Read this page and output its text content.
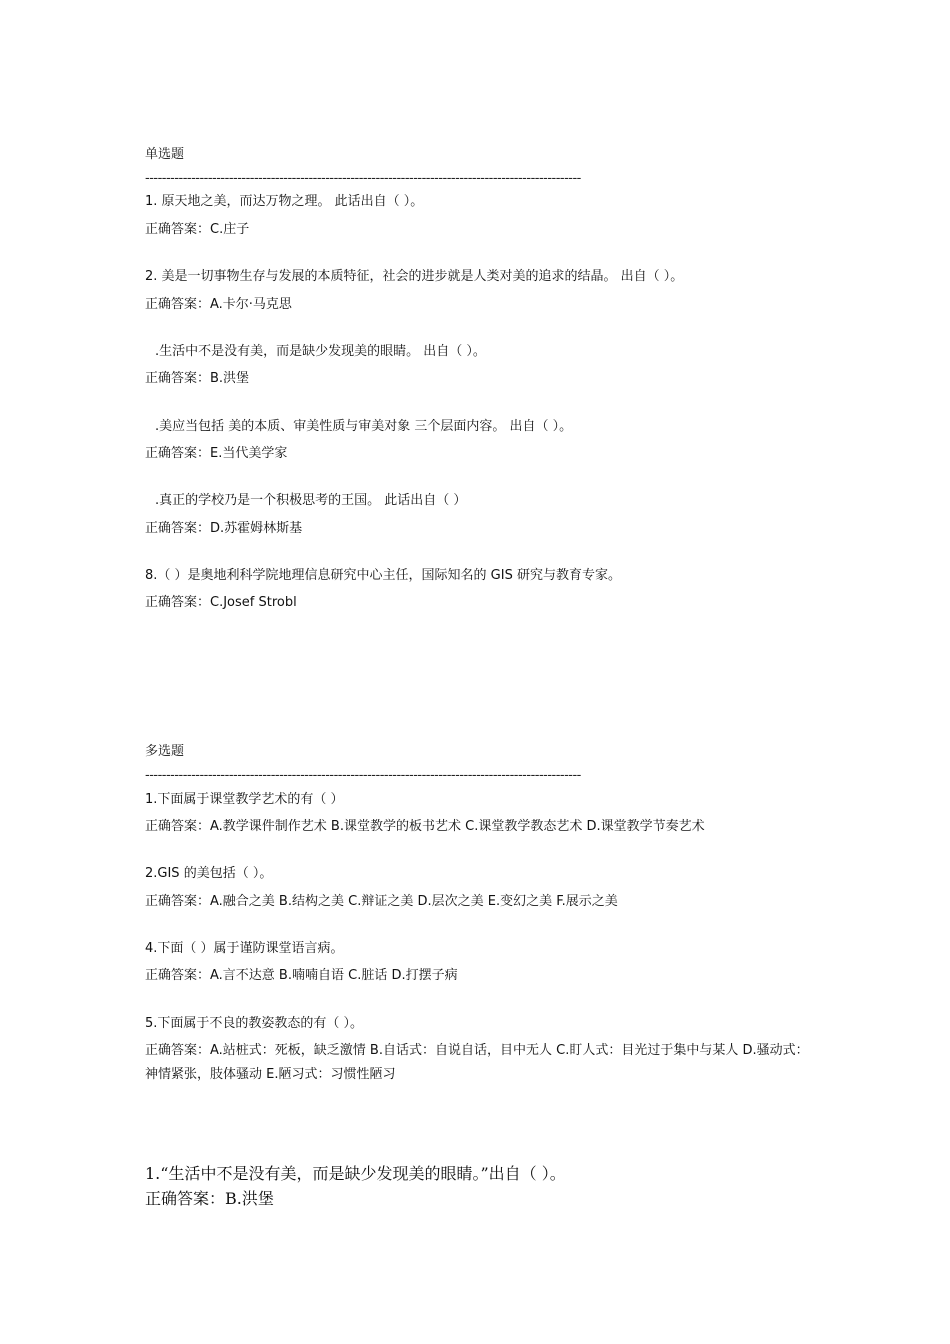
单选题
--------------------------------------------------------------------------------------------------------
1. 原天地之美，而达万物之理。 此话出自（ ）。
正确答案：C.庄子
2. 美是一切事物生存与发展的本质特征，社会的进步就是人类对美的追求的结晶。 出自（ ）。
正确答案：A.卡尔·马克思
.生活中不是没有美，而是缺少发现美的眼睛。 出自（ ）。
正确答案：B.洪堡
.美应当包括 美的本质、审美性质与审美对象 三个层面内容。 出自（ ）。
正确答案：E.当代美学家
.真正的学校乃是一个积极思考的王国。 此话出自（ ）
正确答案：D.苏霍姆林斯基
8.（ ）是奥地利科学院地理信息研究中心主任，国际知名的 GIS 研究与教育专家。
正确答案：C.Josef Strobl
多选题
--------------------------------------------------------------------------------------------------------
1.下面属于课堂教学艺术的有（ ）
正确答案：A.教学课件制作艺术 B.课堂教学的板书艺术 C.课堂教学教态艺术 D.课堂教学节奏艺术
2.GIS 的美包括（ ）。
正确答案：A.融合之美 B.结构之美 C.辩证之美 D.层次之美 E.变幻之美 F.展示之美
4.下面（ ）属于谨防课堂语言病。
正确答案：A.言不达意 B.喃喃自语 C.脏话 D.打摆子病
5.下面属于不良的教姿教态的有（ ）。
正确答案：A.站桩式：死板，缺乏激情 B.自话式：自说自话，目中无人 C.盯人式：目光过于集中与某人 D.骚动式：神情紧张，肢体骚动 E.陋习式：习惯性陋习
1.“生活中不是没有美，而是缺少发现美的眼睛。”出自（ ）。
正确答案：B.洪堡
